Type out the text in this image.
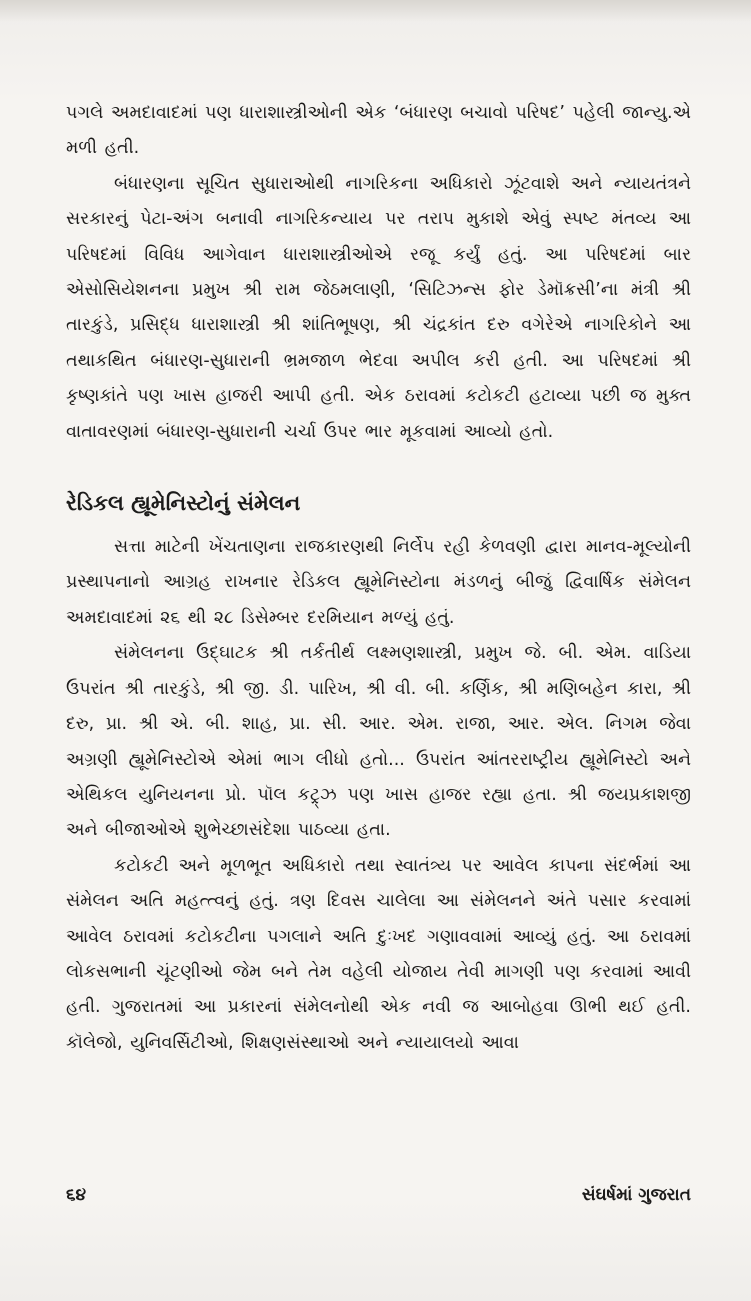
પગલે અમદાવાદમાં પણ ધારાશાસ્ત્રીઓની એક ‘બંધારણ બચાવો પરિષદ’ પહેલી જાન્યુ.એ મળી હતી.

બંધારણના સૂચિત સુધારાઓથી નાગરિકના અધિકારો ઝૂંટવાશે અને ન્યાયતંત્રને સરકારનું પેટા-અંગ બનાવી નાગરિકન્યાય પર તરાપ મુકાશે એવું સ્પષ્ટ મંતવ્ય આ પરિષદમાં વિવિધ આગેવાન ધારાશાસ્ત્રીઓએ રજૂ કર્યું હતું. આ પરિષદમાં બાર એસોસિયેશનના પ્રમુખ શ્રી રામ જેઠમલાણી, ‘સિટિઝન્સ ફોર ડેમૉક્રસી’ના મંત્રી શ્રી તારકુંડે, પ્રસિદ્ધ ધારાશાસ્ત્રી શ્રી શાંતિભૂષણ, શ્રી ચંદ્રકાંત દરુ વગેરેએ નાગરિકોને આ તથાકથિત બંધારણ-સુધારાની ભ્રમજાળ ભેદવા અપીલ કરી હતી. આ પરિષદમાં શ્રી કૃષ્ણકાંતે પણ ખાસ હાજરી આપી હતી. એક ઠરાવમાં કટોકટી હટાવ્યા પછી જ મુક્ત વાતાવરણમાં બંધારણ-સુધારાની ચર્ચા ઉપર ભાર મૂકવામાં આવ્યો હતો.

રેડિકલ હ્યૂમેનિસ્ટોનું સંમેલન

સત્તા માટેની ખેંચતાણના રાજકારણથી નિર્લેપ રહી કેળવણી દ્વારા માનવ-મૂલ્યોની પ્રસ્થાપનાનો આગ્રહ રાખનાર રેડિકલ હ્યૂમેનિસ્ટોના મંડળનું બીજું દ્વિવાર્ષિક સંમેલન અમદાવાદમાં ૨૬ થી ૨૮ ડિસેમ્બર દરમિયાન મળ્યું હતું.

સંમેલનના ઉદ્ઘાટક શ્રી તર્કતીર્થ લક્ષ્મણશાસ્ત્રી, પ્રમુખ જે. બી. એમ. વાડિયા ઉપરાંત શ્રી તારકુંડે, શ્રી જી. ડી. પારિખ, શ્રી વી. બી. કર્ણિક, શ્રી મણિબહેન કારા, શ્રી દરુ, પ્રા. શ્રી એ. બી. શાહ, પ્રા. સી. આર. એમ. રાજા, આર. એલ. નિગમ જેવા અગ્રણી હ્યૂમેનિસ્ટોએ એમાં ભાગ લીધો હતો... ઉપરાંત આંતરરાષ્ટ્રીય હ્યૂમેનિસ્ટો અને એથિકલ યુનિયનના પ્રો. પૉલ કટ્ર્ઝ પણ ખાસ હાજર રહ્યા હતા. શ્રી જયપ્રકાશજી અને બીજાઓએ શુભેચ્છાસંદેશા પાઠવ્યા હતા.

કટોકટી અને મૂળભૂત અધિકારો તથા સ્વાતંત્ર્ય પર આવેલ કાપના સંદર્ભમાં આ સંમેલન અતિ મહત્ત્વનું હતું. ત્રણ દિવસ ચાલેલા આ સંમેલનને અંતે પસાર કરવામાં આવેલ ઠરાવમાં કટોકટીના પગલાને અતિ દુઃખદ ગણાવવામાં આવ્યું હતું. આ ઠરાવમાં લોકસભાની ચૂંટણીઓ જેમ બને તેમ વહેલી યોજાય તેવી માગણી પણ કરવામાં આવી હતી. ગુજરાતમાં આ પ્રકારનાં સંમેલનોથી એક નવી જ આબોહવા ઊભી થઈ હતી. કૉલેજો, યુનિવર્સિટીઓ, શિક્ષણસંસ્થાઓ અને ન્યાયાલયો આવા

૬૪	સંઘર્ષમાં ગુજરાત
